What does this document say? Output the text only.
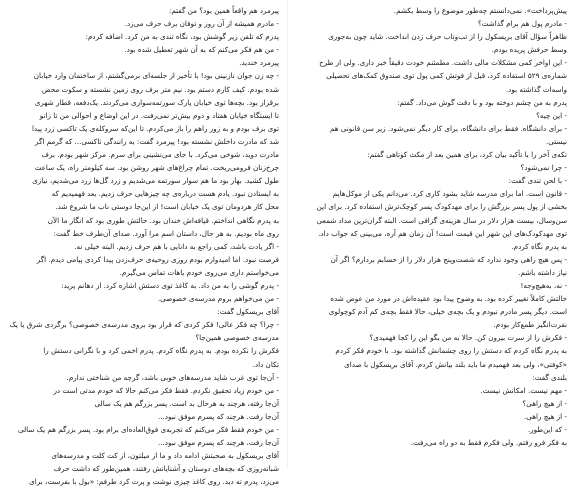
پیرمرد هم واقعاً همین بود؟ من گفتم:

- مادرم همیشه از آن روز و توفان برف حرف می‌زد.

پدرم که تلفن زیر گوشش بود، نگاه تندی به من کرد. اضافه کردم:

- من هم فکر می‌کنم که به آن شهر تعطیل شده بود.

پیرمرد خندید.

- چه زن جوان نازنینی بود! با تأخیر از جلسه‌ای برمی‌گشتم، از ساختمان وارد خیابان

شده بودم. کیف کارم دستم بود. نیم متر برف روی زمین نشسته و سکوت محض

برقرار بود. بچه‌ها توی خیابان پارک سورتمه‌سواری می‌کردند. یک‌دفعه، قطار شهری

تا ایستگاه خیابان هفتاد و دوم بیش‌تر نمی‌رفت. در این اوضاع و احوالی من تا زانو

توی برف بودم و به زور راهم را باز می‌کردم. تا این‌که سروکله‌ی یک تاکسی زرد پیدا

شد که مادرت داخلش نشسته بود! پیرمرد گفت: به رانندگی تاکسی... که گرمم اگر

مادرت دوید، شوخی می‌کرد. با جای می‌نشینی برای سرم. مرکز شهر بودم. برف

چرخ‌زنان فرومی‌ریخت. تمام چراغ‌های شهر روشن بود. سه کیلومتر راه، یک ساعت

طول کشید. بهار بود ما هم سوار سورتمه می‌شدیم و زرد گل‌ها زرد می‌شدیم، نیازی

به ایستادن نبود. یادم هست درباره‌ی چه چیزهایی حرف زدیم. بعد فهمیدیم که

محل کار هردومان توی یک خیابان است! از این‌جا دوستی ناب ما شروع شد.

به پدرم نگاهی انداختم. قیافه‌اش خندان بود. حالتش طوری بود که انگار ما الآن

روی ماه بودیم. به هر حال، داستان اسم مرا آورد. صدای آن‌طرف خط گفت:

- اگر یادت باشد، کمی راجع به دانایی با هم حرف زدیم. البته خیلی نه.

فرصت نبود. اما امیدوارم بودم روزی روحیه‌ی حرف‌زدن پیدا کردی پیامی دیدم. اگر

می‌خواستم داری می‌روی خودم باهات تماس می‌گیرم.

- پدرم گوشی را به من داد. به کاغذ توی دستش اشاره کرد. از دهانم پرید:

- من می‌خواهم بروم مدرسه‌ی خصوصی.

آقای بریسکول گفت:

- چرا؟ چه فکر عالی! فکر کردی که قرار بود بروی مدرسه‌ی خصوصی؟ برگردی شرق یا یک

مدرسه‌ی خصوصی همین‌جا؟

فکرش را نکرده بودم. به پدرم نگاه کردم. پدرم اخمی کرد و با نگرانی دستش را

تکان داد.

- آن‌جا توی غرب شاید مدرسه‌های خوبی باشد، گرچه من شناختی ندارم.

- من خودم زیاد تحقیق نکردم. فقط فکر می‌کنم حالا که خودم مدتی است در

آن‌جا رفته، هرچند به هرحال بد است. پسر بزرگم هم یک سالی

آن‌جا رفت. هرچند که پسرم موفق نبود...

- من خودم فقط فکر می‌کنم که تجربه‌ی فوق‌العاده‌ای برام بود. پسر بزرگم هم یک سالی

آن‌جا رفت، هرچند که پسرم موفق نبود...

آقای بریسکول به صحبتش ادامه داد و ما از میلتون، از کت کلت و مدرسه‌های

شبانه‌روزی که بچه‌های دوستان و آشنایانش رفتند، همین‌طور که داشت حرف

می‌زد، پدرم ته دید. روی کاغذ چیزی نوشت و پرت کرد طرفم: «بول با بفرست، برای

پیش‌پرداخت». نمی‌دانستم چه‌طور موضوع را وسط بکشم.

- مادرم پول هم برام گذاشت؟

ظاهراً سؤال آقای بریسکول را از تب‌وتاب حرف زدن انداخت. شاید چون به‌جوری

وسط حرفش پریده بودم.

- این اواخر کمی مشکلات مالی داشت. مطمئنم خودت دقیقاً خبر داری. ولی از طرح

شماره‌ی ۵۲۹ استفاده کرد، قبل از فوتش کمی پول توی صندوق کمک‌های تحصیلی

واسه‌ات گذاشته بود.

پدرم به من چشم دوخته بود و با دقت گوش می‌داد. گفتم:

- این چیه؟

- برای دانشگاه. فقط برای دانشگاه، برای کار دیگر نمی‌شود. زیر سن قانونی هم

نیستی.

تکه‌ی آخر را با تأکید بیان کرد، برای همین بعد از مکث کوتاهی گفتم:

- چرا نمی‌شود؟

- با لحن تندی گفت:

- قانون است. اما برای مدرسه شاید بشود کاری کرد. می‌دانم یکی از موکل‌هایم

بخشی از پول پسر بزرگش را برای مهدکودک پسر کوچک‌ترش استفاده کرد. برای این

سن‌وسال، بیست هزار دلار در سال هزینه‌ی گزافی است. البته گران‌ترین مداد شمعی

توی مهدکودک‌های این شهر این قیمت است! آن زمان هم آره، می‌بینی که جواب داد.

به پدرم نگاه کردم.

- پس هیچ راهی وجود ندارد که شصت‌وپنج هزار دلار را از حسابم بردارم؟ اگر آن

نیاز داشته باشم.

- نه، به‌هیچ‌وجه!

حالتش کاملاً تغییر کرده بود. به وضوح پیدا بود عقیده‌اش در مورد من عوض شده

است. دیگر پسر مادرم نبودم و یک بچه‌ی خیلی، حالا فقط بچه‌ی کم آدم کوچولوی

نفرت‌انگیز طمع‌کار بودم.

- فکرش را از سرت بیرون کن. حالا به من بگو این را کجا فهمیدی؟

به پدرم نگاه کردم که دستش را روی چشمانش گذاشته بود. با خودم فکر کردم

«کوفتی»، ولی بعد فهمیدم ما باید بلند بیانش کردم. آقای بریسکول با صدای

بلندی گفت:

- مهم نیست. امکانش نیست.

- از هیچ راهی؟

- از هیچ راهی.

- که این‌طور.

به فکر فرو رفتم. ولی فکرم فقط به دو راه می‌رفت.
